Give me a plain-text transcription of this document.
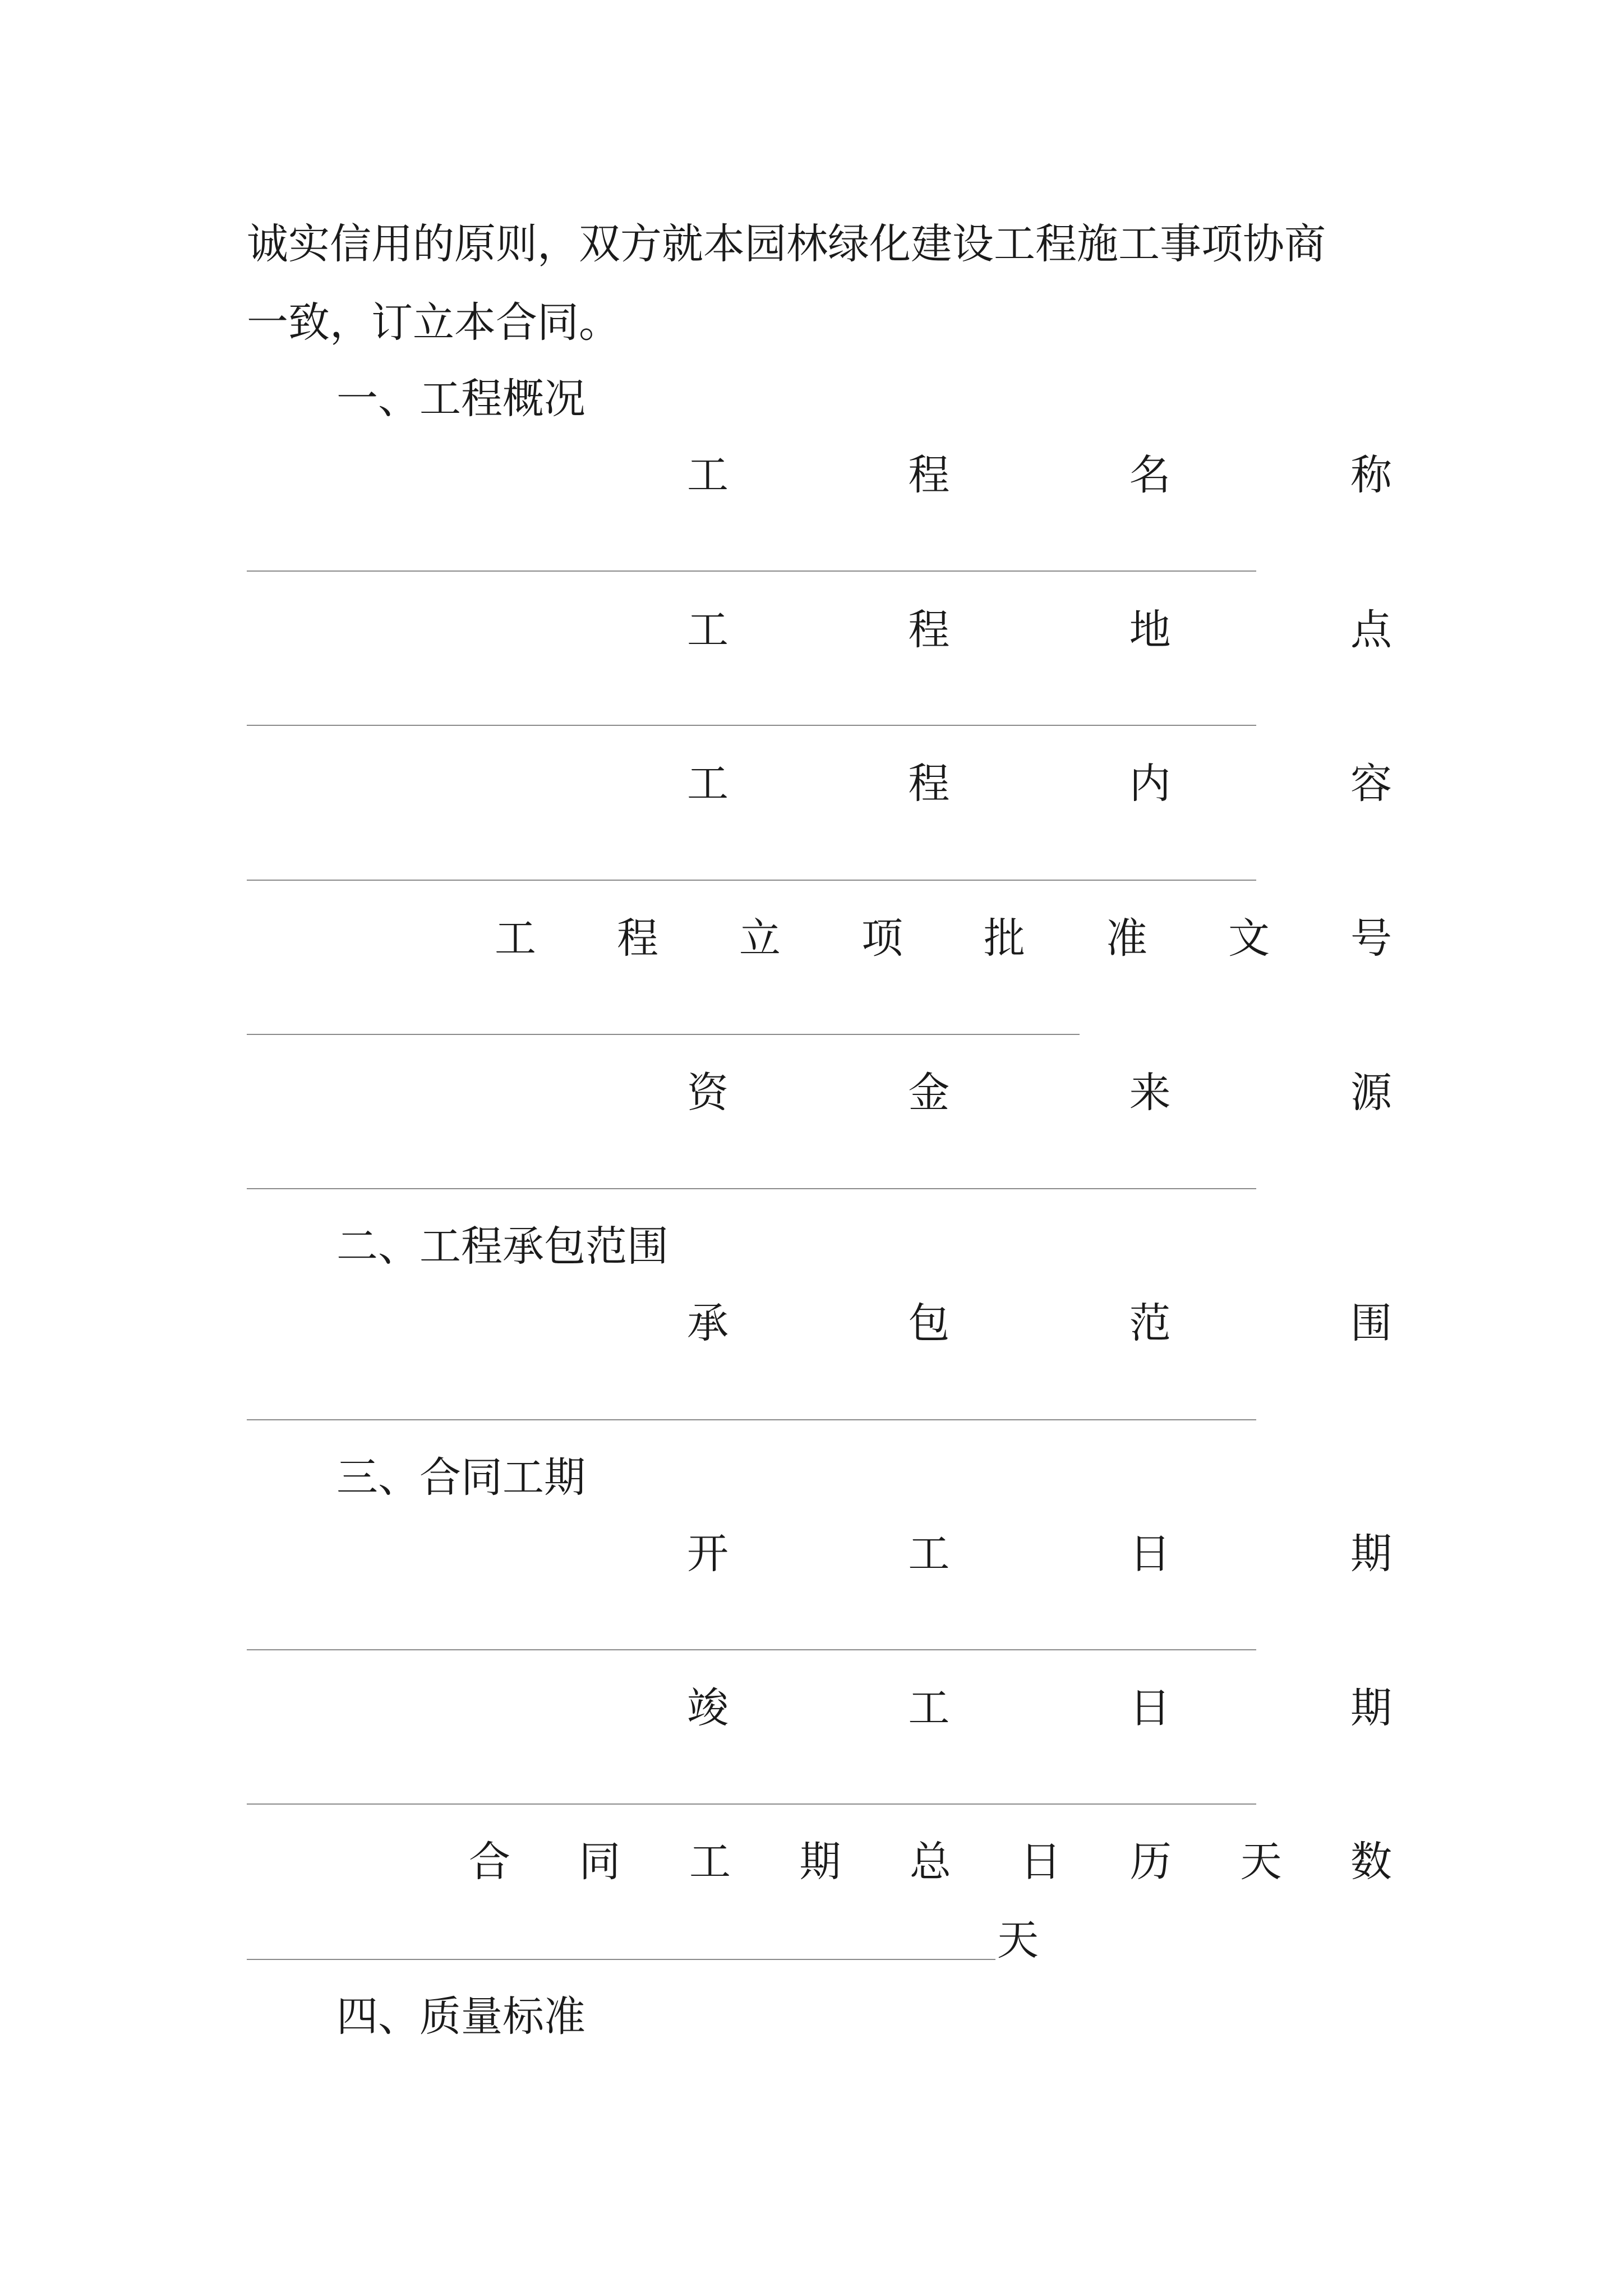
诚实信用的原则，双方就本园林绿化建设工程施工事项协商
一致，订立本合同。
一、工程概况
工	程	名	称
工	程	地	点
工	程	内	容
工 程 立 项 批 准 文 号
资	金	来	源
二、工程承包范围
承	包	范	围
三、合同工期
开	工	日	期
竣	工	日	期
合 同 工 期 总 日 历 天 数
天
四、质量标准
